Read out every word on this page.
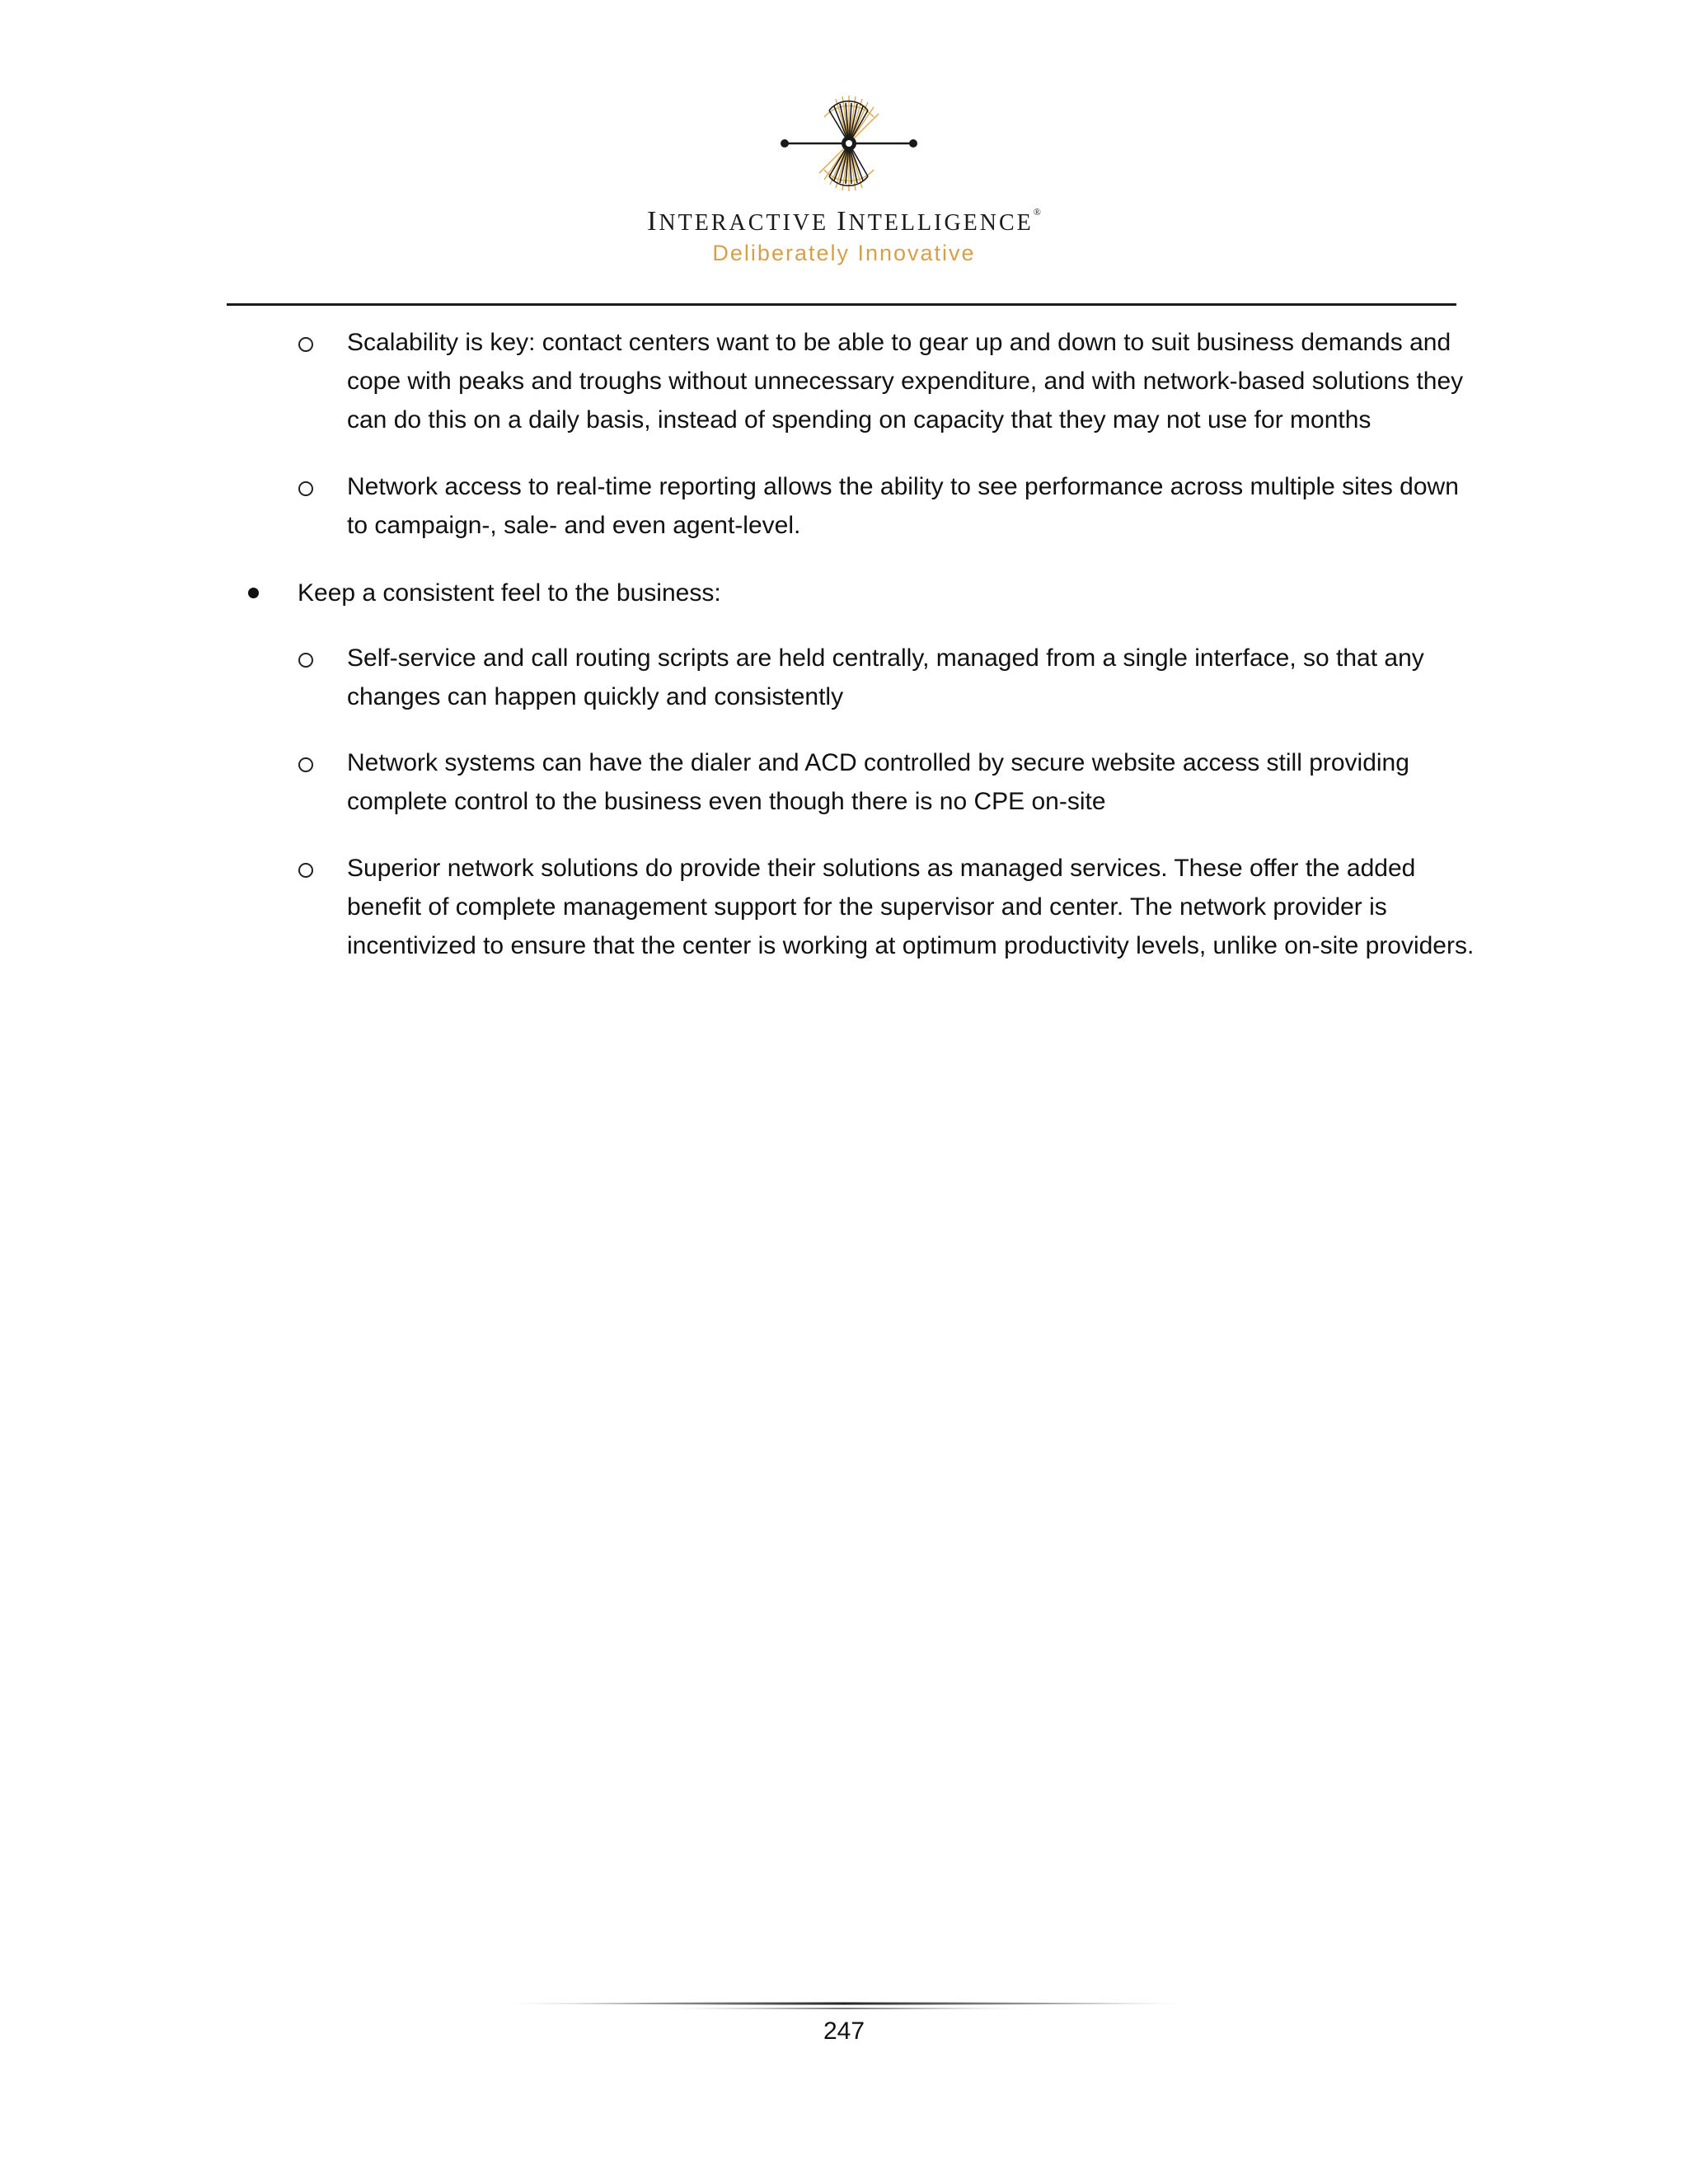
INTERACTIVE INTELLIGENCE®
Deliberately Innovative
Scalability is key: contact centers want to be able to gear up and down to suit business demands and cope with peaks and troughs without unnecessary expenditure, and with network-based solutions they can do this on a daily basis, instead of spending on capacity that they may not use for months
Network access to real-time reporting allows the ability to see performance across multiple sites down to campaign-, sale- and even agent-level.
Keep a consistent feel to the business:
Self-service and call routing scripts are held centrally, managed from a single interface, so that any changes can happen quickly and consistently
Network systems can have the dialer and ACD controlled by secure website access still providing complete control to the business even though there is no CPE on-site
Superior network solutions do provide their solutions as managed services. These offer the added benefit of complete management support for the supervisor and center. The network provider is incentivized to ensure that the center is working at optimum productivity levels, unlike on-site providers.
247
